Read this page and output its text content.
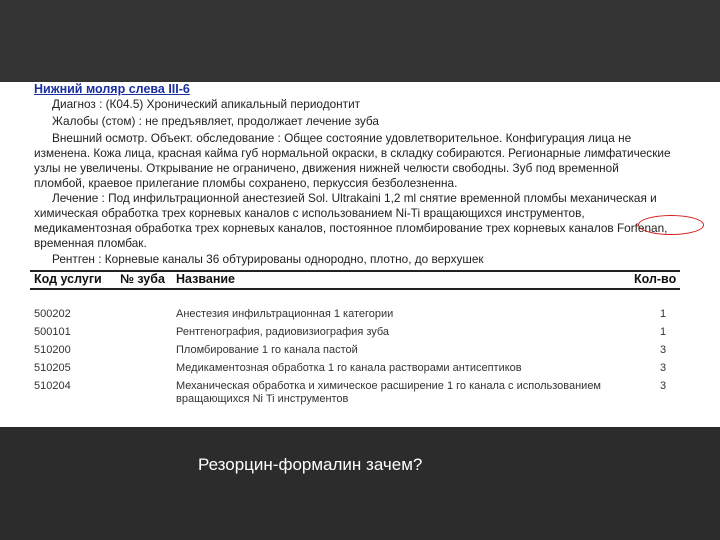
Нижний моляр слева III-6
Диагноз : (К04.5) Хронический апикальный периодонтит
Жалобы (стом) : не предъявляет, продолжает лечение зуба
Внешний осмотр. Объект. обследование : Общее состояние удовлетворительное. Конфигурация лица не
изменена. Кожа лица, красная кайма губ нормальной окраски, в складку собираются. Регионарные лимфатические
узлы не увеличены. Открывание не ограничено, движения нижней челюсти свободны. Зуб под временной
пломбой, краевое прилегание пломбы сохранено, перкуссия безболезненна.
Лечение : Под инфильтрационной анестезией Sol. Ultrakaini 1,2 ml снятие временной пломбы механическая и
химическая обработка трех корневых каналов с использованием Ni-Ti вращающихся инструментов,
медикаментозная обработка трех корневых каналов, постоянное пломбирование трех корневых каналов Forfenan,
временная пломбак.
Рентген : Корневые каналы 36 обтурированы однородно, плотно, до верхушек
Код услуги № зуба Название	Кол-во
500202	Анестезия инфильтрационная 1 категории	1
500101	Рентгенография, радиовизиография зуба	1
510200	Пломбирование 1 го канала пастой	3
510205	Медикаментозная обработка 1 го канала растворами антисептиков	3
510204	Механическая обработка и химическое расширение 1 го канала с использованием
вращающихся Ni Ti инструментов
3
Резорцин-формалин зачем?
